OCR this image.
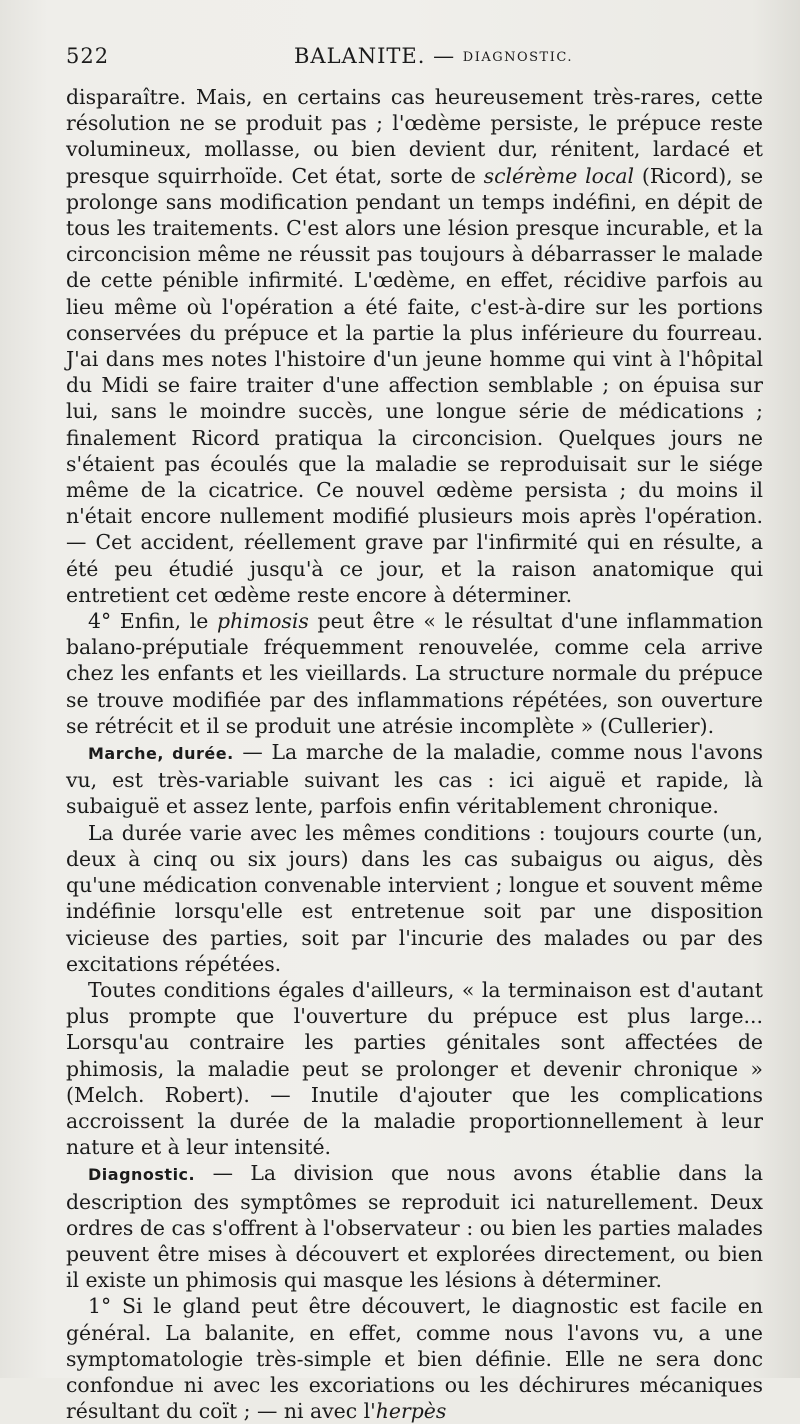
522	BALANITE. — DIAGNOSTIC.

disparaître. Mais, en certains cas heureusement très-rares, cette résolution ne se produit pas ; l'œdème persiste, le prépuce reste volumineux, mollasse, ou bien devient dur, rénitent, lardacé et presque squirrhoïde. Cet état, sorte de sclérème local (Ricord), se prolonge sans modification pendant un temps indéfini, en dépit de tous les traitements. C'est alors une lésion presque incurable, et la circoncision même ne réussit pas toujours à débarrasser le malade de cette pénible infirmité. L'œdème, en effet, récidive parfois au lieu même où l'opération a été faite, c'est-à-dire sur les portions conservées du prépuce et la partie la plus inférieure du fourreau. J'ai dans mes notes l'histoire d'un jeune homme qui vint à l'hôpital du Midi se faire traiter d'une affection semblable ; on épuisa sur lui, sans le moindre succès, une longue série de médications ; finalement Ricord pratiqua la circoncision. Quelques jours ne s'étaient pas écoulés que la maladie se reproduisait sur le siége même de la cicatrice. Ce nouvel œdème persista ; du moins il n'était encore nullement modifié plusieurs mois après l'opération. — Cet accident, réellement grave par l'infirmité qui en résulte, a été peu étudié jusqu'à ce jour, et la raison anatomique qui entretient cet œdème reste encore à déterminer.

4° Enfin, le phimosis peut être « le résultat d'une inflammation balano-préputiale fréquemment renouvelée, comme cela arrive chez les enfants et les vieillards. La structure normale du prépuce se trouve modifiée par des inflammations répétées, son ouverture se rétrécit et il se produit une atrésie incomplète » (Cullerier).

Marche, durée. — La marche de la maladie, comme nous l'avons vu, est très-variable suivant les cas : ici aiguë et rapide, là subaiguë et assez lente, parfois enfin véritablement chronique.

La durée varie avec les mêmes conditions : toujours courte (un, deux à cinq ou six jours) dans les cas subaigus ou aigus, dès qu'une médication convenable intervient ; longue et souvent même indéfinie lorsqu'elle est entretenue soit par une disposition vicieuse des parties, soit par l'incurie des malades ou par des excitations répétées.

Toutes conditions égales d'ailleurs, « la terminaison est d'autant plus prompte que l'ouverture du prépuce est plus large... Lorsqu'au contraire les parties génitales sont affectées de phimosis, la maladie peut se prolonger et devenir chronique » (Melch. Robert). — Inutile d'ajouter que les complications accroissent la durée de la maladie proportionnellement à leur nature et à leur intensité.

Diagnostic. — La division que nous avons établie dans la description des symptômes se reproduit ici naturellement. Deux ordres de cas s'offrent à l'observateur : ou bien les parties malades peuvent être mises à découvert et explorées directement, ou bien il existe un phimosis qui masque les lésions à déterminer.

1° Si le gland peut être découvert, le diagnostic est facile en général. La balanite, en effet, comme nous l'avons vu, a une symptomatologie très-simple et bien définie. Elle ne sera donc confondue ni avec les excoriations ou les déchirures mécaniques résultant du coït ; — ni avec l'herpès
